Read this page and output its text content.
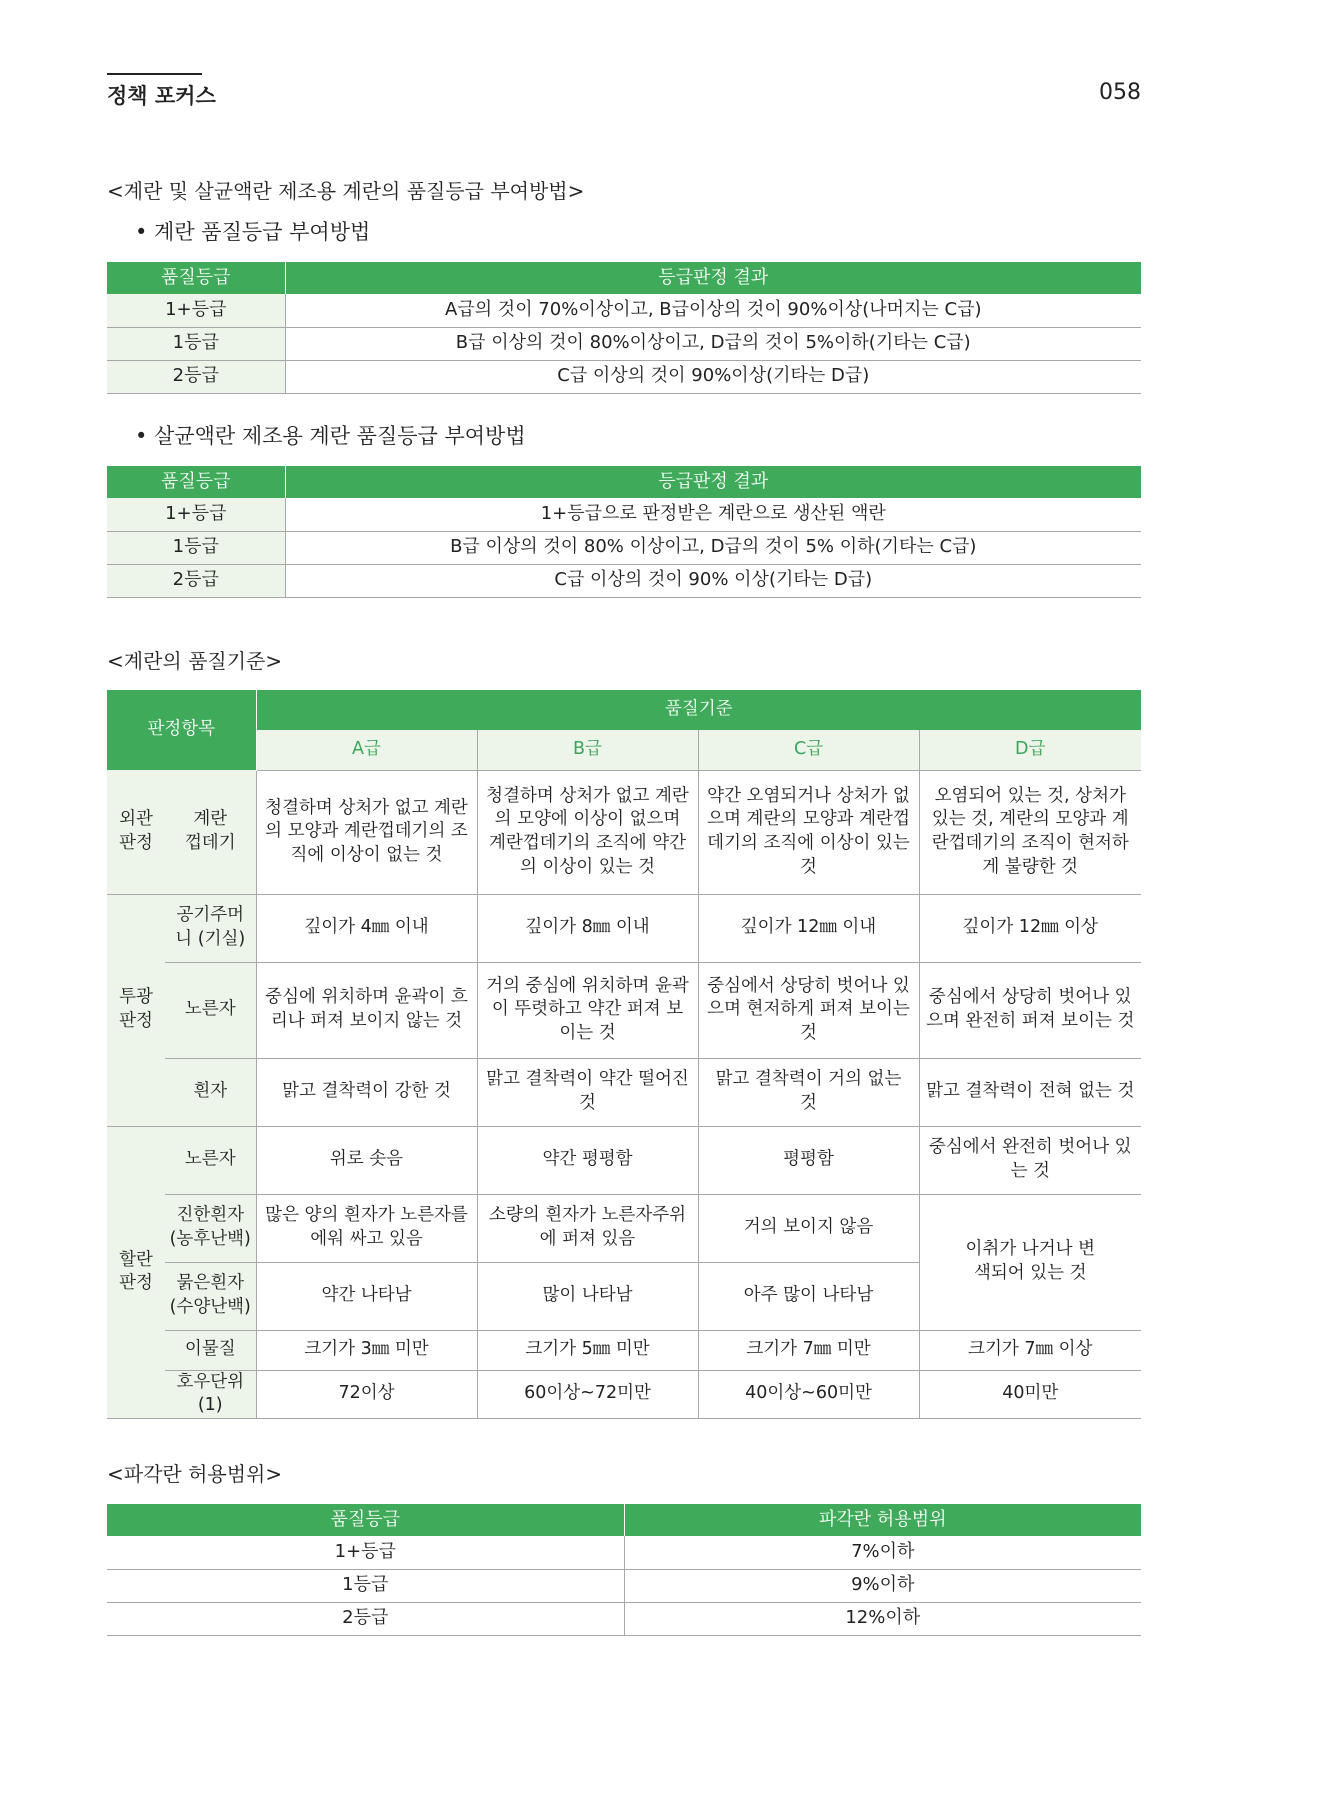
정책 포커스	058
<계란 및 살균액란 제조용 계란의 품질등급 부여방법>
• 계란 품질등급 부여방법
품질등급	등급판정 결과
1+등급	A급의 것이 70%이상이고, B급이상의 것이 90%이상(나머지는 C급)
1등급	B급 이상의 것이 80%이상이고, D급의 것이 5%이하(기타는 C급)
2등급	C급 이상의 것이 90%이상(기타는 D급)
• 살균액란 제조용 계란 품질등급 부여방법
품질등급	등급판정 결과
1+등급	1+등급으로 판정받은 계란으로 생산된 액란
1등급	B급 이상의 것이 80% 이상이고, D급의 것이 5% 이하(기타는 C급)
2등급	C급 이상의 것이 90% 이상(기타는 D급)
<계란의 품질기준>
판정항목		품질기준			
		A급	B급	C급	D급
외관 판정	계란 껍데기	청결하며 상처가 없고 계란의 모양과 계란껍데기의 조직에 이상이 없는 것	청결하며 상처가 없고 계란의 모양에 이상이 없으며 계란껍데기의 조직에 약간의 이상이 있는 것	약간 오염되거나 상처가 없으며 계란의 모양과 계란껍데기의 조직에 이상이 있는 것	오염되어 있는 것, 상처가 있는 것, 계란의 모양과 계란껍데기의 조직이 현저하게 불량한 것
투광 판정	공기주머니 (기실)	깊이가 4㎜ 이내	깊이가 8㎜ 이내	깊이가 12㎜ 이내	깊이가 12㎜ 이상
	노른자	중심에 위치하며 윤곽이 흐리나 퍼져 보이지 않는 것	거의 중심에 위치하며 윤곽이 뚜렷하고 약간 퍼져 보이는 것	중심에서 상당히 벗어나 있으며 현저하게 퍼져 보이는 것	중심에서 상당히 벗어나 있으며 완전히 퍼져 보이는 것
	흰자	맑고 결착력이 강한 것	맑고 결착력이 약간 떨어진 것	맑고 결착력이 거의 없는 것	맑고 결착력이 전혀 없는 것
할란 판정	노른자	위로 솟음	약간 평평함	평평함	중심에서 완전히 벗어나 있는 것
	진한흰자 (농후난백)	많은 양의 흰자가 노른자를 에워 싸고 있음	소량의 흰자가 노른자주위에 퍼져 있음	거의 보이지 않음	이취가 나거나 변색되어 있는 것
	묽은흰자 (수양난백)	약간 나타남	많이 나타남	아주 많이 나타남	
	이물질	크기가 3㎜ 미만	크기가 5㎜ 미만	크기가 7㎜ 미만	크기가 7㎜ 이상
	호우단위(1)	72이상	60이상~72미만	40이상~60미만	40미만
<파각란 허용범위>
품질등급	파각란 허용범위
1+등급	7%이하
1등급	9%이하
2등급	12%이하
